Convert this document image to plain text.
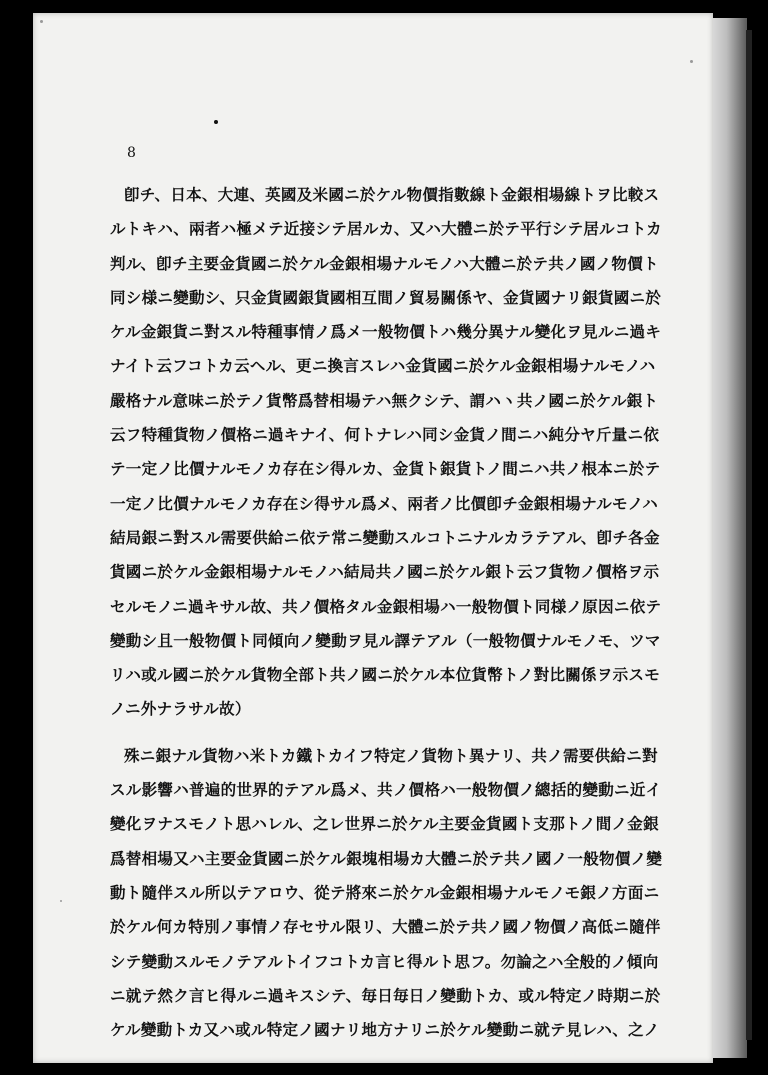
8
卽チ、日本、大連、英國及米國ニ於ケル物價指數線ト金銀相場線トヲ比較ス
ルトキハ、兩者ハ極メテ近接シテ居ルカ、又ハ大體ニ於テ平行シテ居ルコトカ
判ル、卽チ主要金貨國ニ於ケル金銀相場ナルモノハ大體ニ於テ共ノ國ノ物價ト
同シ様ニ變動シ、只金貨國銀貨國相互間ノ貿易關係ヤ、金貨國ナリ銀貨國ニ於
ケル金銀貨ニ對スル特種事情ノ爲メ一般物價トハ幾分異ナル變化ヲ見ルニ過キ
ナイト云フコトカ云ヘル、更ニ換言スレハ金貨國ニ於ケル金銀相場ナルモノハ
嚴格ナル意味ニ於テノ貨幣爲替相場テハ無クシテ、謂ハヽ共ノ國ニ於ケル銀ト
云フ特種貨物ノ價格ニ過キナイ、何トナレハ同シ金貨ノ間ニハ純分ヤ斤量ニ依
テ一定ノ比價ナルモノカ存在シ得ルカ、金貨ト銀貨トノ間ニハ共ノ根本ニ於テ
一定ノ比價ナルモノカ存在シ得サル爲メ、兩者ノ比價卽チ金銀相場ナルモノハ
結局銀ニ對スル需要供給ニ依テ常ニ變動スルコトニナルカラテアル、卽チ各金
貨國ニ於ケル金銀相場ナルモノハ結局共ノ國ニ於ケル銀ト云フ貨物ノ價格ヲ示
セルモノニ過キサル故、共ノ價格タル金銀相場ハ一般物價ト同様ノ原因ニ依テ
變動シ且一般物價ト同傾向ノ變動ヲ見ル譯テアル（一般物價ナルモノモ、ツマ
リハ或ル國ニ於ケル貨物全部ト共ノ國ニ於ケル本位貨幣トノ對比關係ヲ示スモ
ノニ外ナラサル故）
殊ニ銀ナル貨物ハ米トカ鐵トカイフ特定ノ貨物ト異ナリ、共ノ需要供給ニ對
スル影響ハ普遍的世界的テアル爲メ、共ノ價格ハ一般物價ノ總括的變動ニ近イ
變化ヲナスモノト思ハレル、之レ世界ニ於ケル主要金貨國ト支那トノ間ノ金銀
爲替相場又ハ主要金貨國ニ於ケル銀塊相場カ大體ニ於テ共ノ國ノ一般物價ノ變
動ト隨伴スル所以テアロウ、從テ將來ニ於ケル金銀相場ナルモノモ銀ノ方面ニ
於ケル何カ特別ノ事情ノ存セサル限リ、大體ニ於テ共ノ國ノ物價ノ高低ニ隨伴
シテ變動スルモノテアルトイフコトカ言ヒ得ルト思フ。勿論之ハ全般的ノ傾向
ニ就テ然ク言ヒ得ルニ過キスシテ、毎日毎日ノ變動トカ、或ル特定ノ時期ニ於
ケル變動トカ又ハ或ル特定ノ國ナリ地方ナリニ於ケル變動ニ就テ見レハ、之ノ
